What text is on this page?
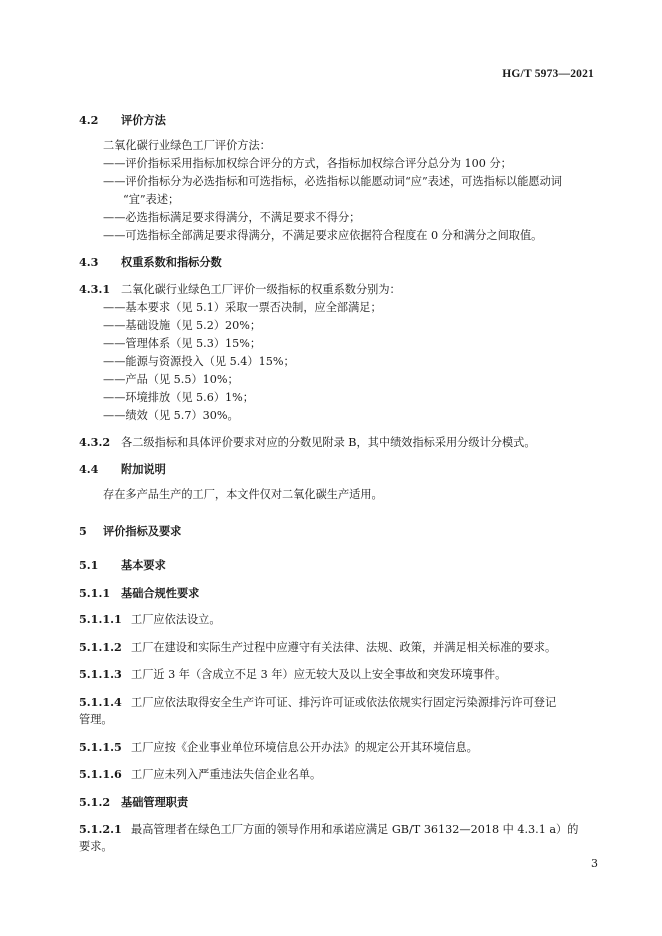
HG/T 5973—2021
4.2 评价方法
二氧化碳行业绿色工厂评价方法：
——评价指标采用指标加权综合评分的方式，各指标加权综合评分总分为 100 分；
——评价指标分为必选指标和可选指标，必选指标以能愿动词“应”表述，可选指标以能愿动词
“宜”表述；
——必选指标满足要求得满分，不满足要求不得分；
——可选指标全部满足要求得满分，不满足要求应依据符合程度在 0 分和满分之间取值。
4.3 权重系数和指标分数
4.3.1 二氧化碳行业绿色工厂评价一级指标的权重系数分别为：
——基本要求（见 5.1）采取一票否决制，应全部满足；
——基础设施（见 5.2）20%；
——管理体系（见 5.3）15%；
——能源与资源投入（见 5.4）15%；
——产品（见 5.5）10%；
——环境排放（见 5.6）1%；
——绩效（见 5.7）30%。
4.3.2 各二级指标和具体评价要求对应的分数见附录 B，其中绩效指标采用分级计分模式。
4.4 附加说明
存在多产品生产的工厂，本文件仅对二氧化碳生产适用。
5 评价指标及要求
5.1 基本要求
5.1.1 基础合规性要求
5.1.1.1 工厂应依法设立。
5.1.1.2 工厂在建设和实际生产过程中应遵守有关法律、法规、政策，并满足相关标准的要求。
5.1.1.3 工厂近 3 年（含成立不足 3 年）应无较大及以上安全事故和突发环境事件。
5.1.1.4 工厂应依法取得安全生产许可证、排污许可证或依法依规实行固定污染源排污许可登记
管理。
5.1.1.5 工厂应按《企业事业单位环境信息公开办法》的规定公开其环境信息。
5.1.1.6 工厂应未列入严重违法失信企业名单。
5.1.2 基础管理职责
5.1.2.1 最高管理者在绿色工厂方面的领导作用和承诺应满足 GB/T 36132—2018 中 4.3.1 a）的
要求。
3
